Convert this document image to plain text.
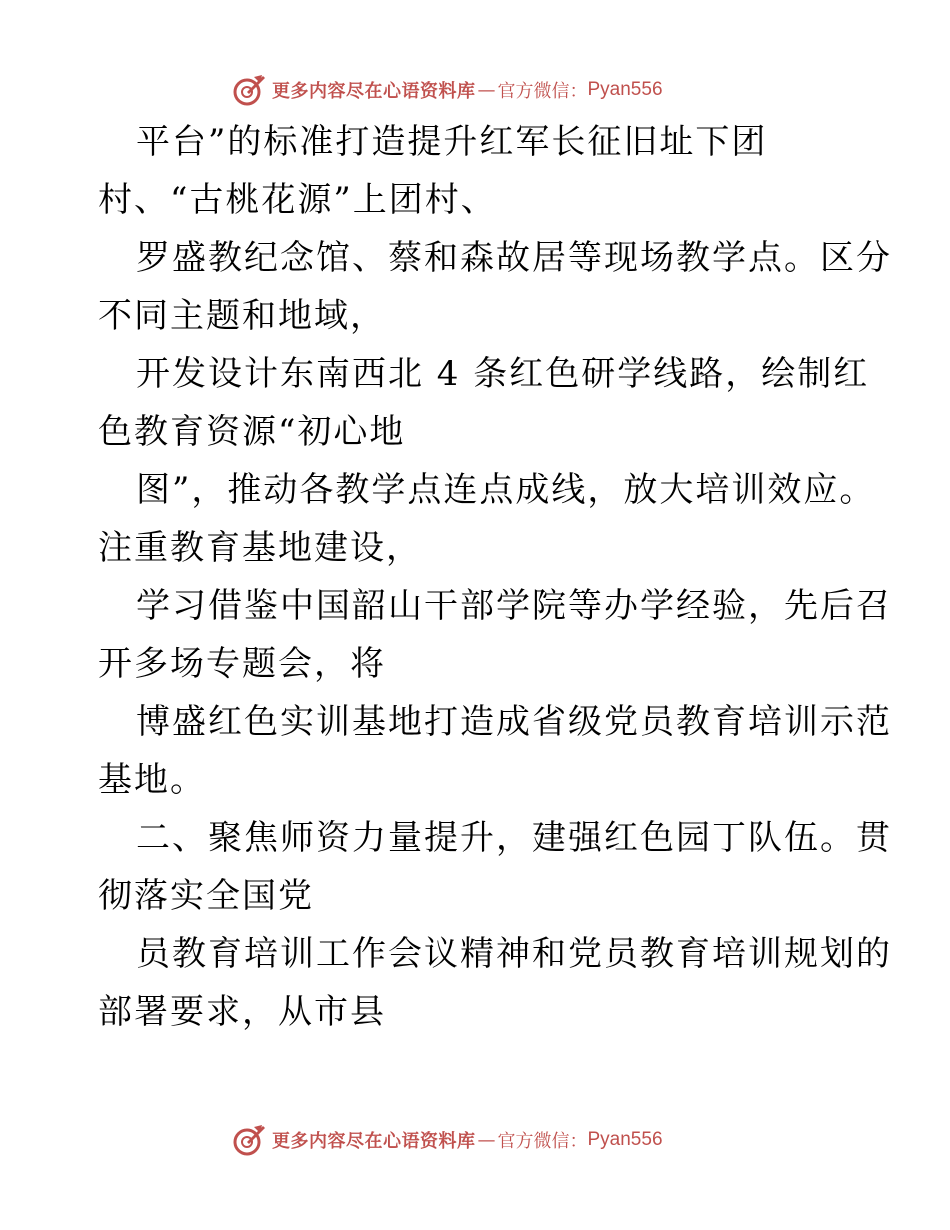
更多内容尽在心语资料库 — 官方微信： Pyan556
平台”的标准打造提升红军长征旧址下团
村、“古桃花源”上团村、
罗盛教纪念馆、蔡和森故居等现场教学点。区分
不同主题和地域，
开发设计东南西北 4 条红色研学线路，绘制红
色教育资源“初心地
图”，推动各教学点连点成线，放大培训效应。
注重教育基地建设，
学习借鉴中国韶山干部学院等办学经验，先后召
开多场专题会，将
博盛红色实训基地打造成省级党员教育培训示范
基地。
二、聚焦师资力量提升，建强红色园丁队伍。贯
彻落实全国党
员教育培训工作会议精神和党员教育培训规划的
部署要求，从市县
更多内容尽在心语资料库 — 官方微信： Pyan556
